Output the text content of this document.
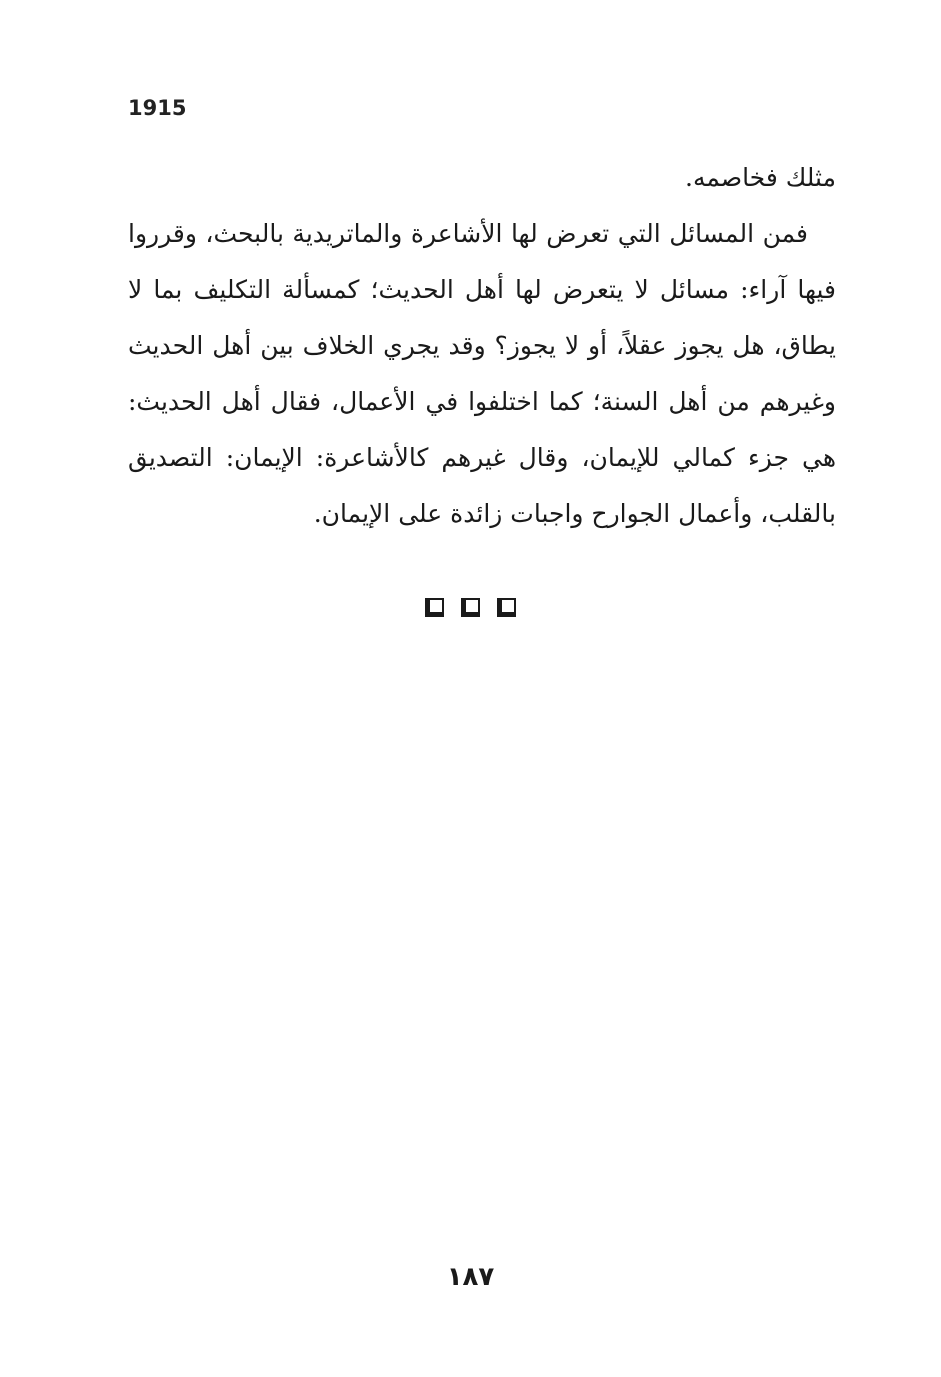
1915

مثلك فخاصمه.

فمن المسائل التي تعرض لها الأشاعرة والماتريدية بالبحث، وقرروا فيها آراء: مسائل لا يتعرض لها أهل الحديث؛ كمسألة التكليف بما لا يطاق، هل يجوز عقلاً، أو لا يجوز؟ وقد يجري الخلاف بين أهل الحديث وغيرهم من أهل السنة؛ كما اختلفوا في الأعمال، فقال أهل الحديث: هي جزء كمالي للإيمان، وقال غيرهم كالأشاعرة: الإيمان: التصديق بالقلب، وأعمال الجوارح واجبات زائدة على الإيمان.

١٨٧
